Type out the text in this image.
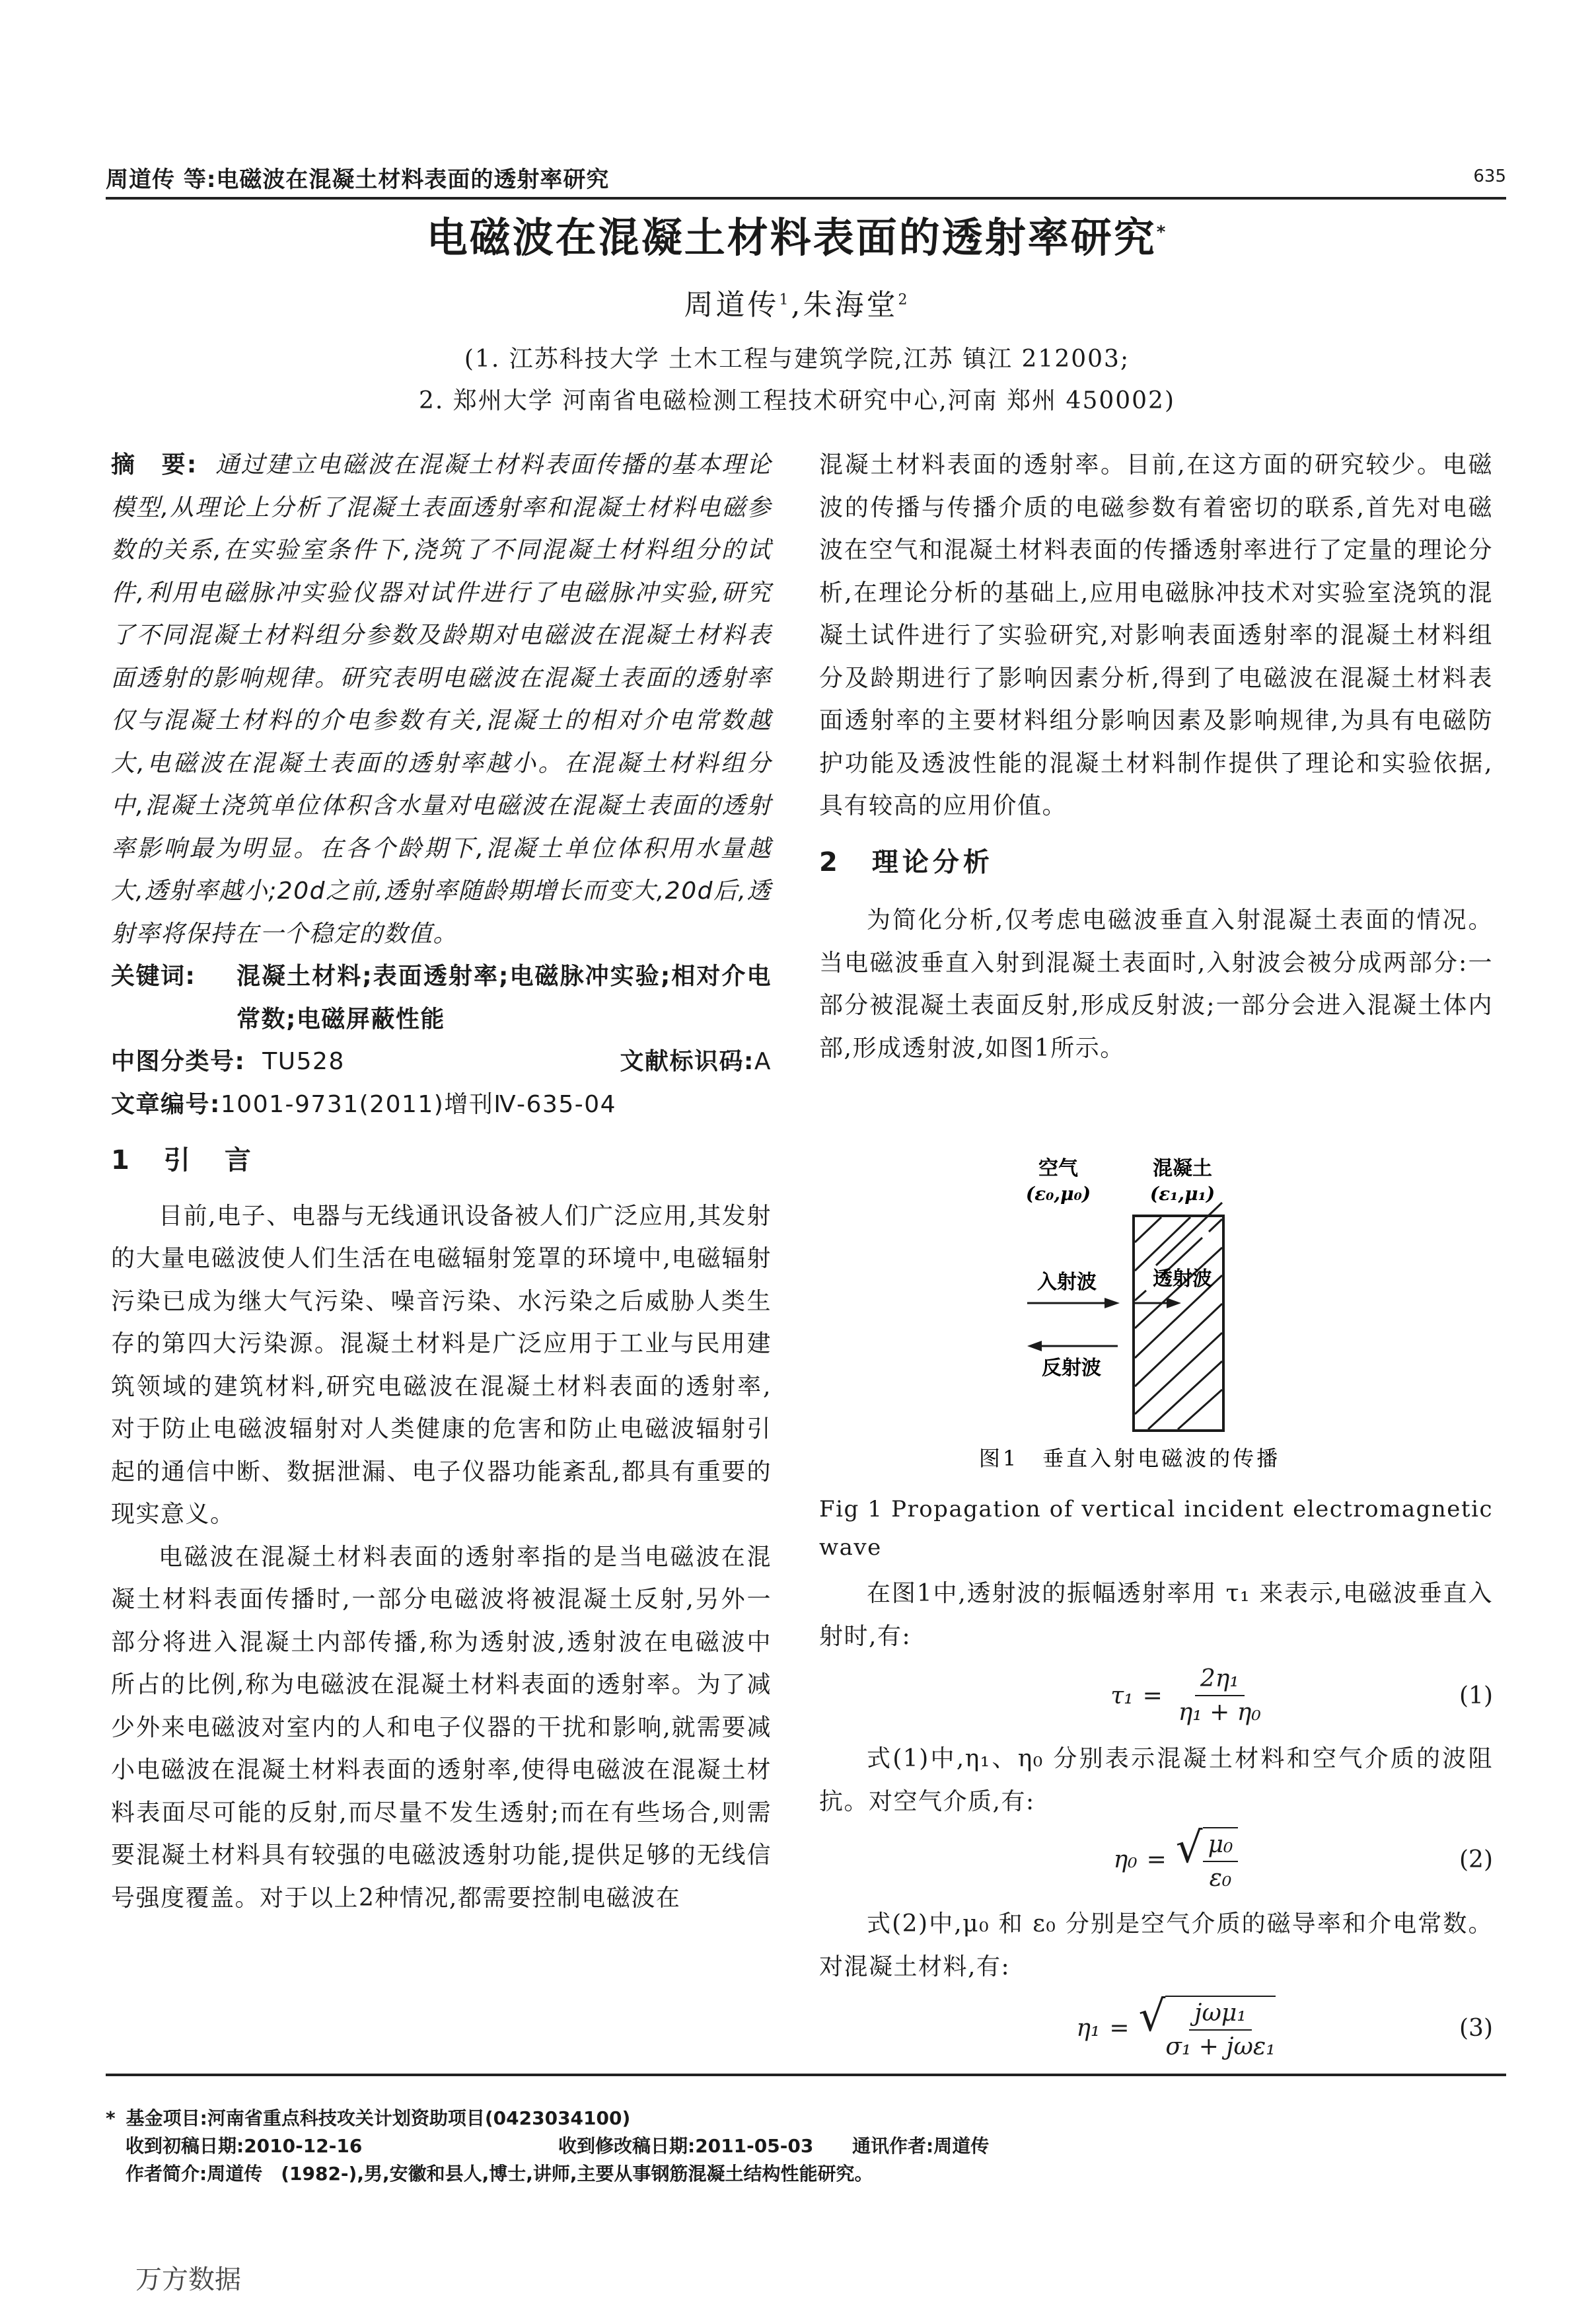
周道传 等:电磁波在混凝土材料表面的透射率研究	635
电磁波在混凝土材料表面的透射率研究*
周道传$^1$,朱海堂$^2$
(1. 江苏科技大学 土木工程与建筑学院,江苏 镇江 212003;
2. 郑州大学 河南省电磁检测工程技术研究中心,河南 郑州 450002)
摘　要: 通过建立电磁波在混凝土材料表面传播的基本理论模型,从理论上分析了混凝土表面透射率和混凝土材料电磁参数的关系,在实验室条件下,浇筑了不同混凝土材料组分的试件,利用电磁脉冲实验仪器对试件进行了电磁脉冲实验,研究了不同混凝土材料组分参数及龄期对电磁波在混凝土材料表面透射的影响规律。研究表明电磁波在混凝土表面的透射率仅与混凝土材料的介电参数有关,混凝土的相对介电常数越大,电磁波在混凝土表面的透射率越小。在混凝土材料组分中,混凝土浇筑单位体积含水量对电磁波在混凝土表面的透射率影响最为明显。在各个龄期下,混凝土单位体积用水量越大,透射率越小;20d之前,透射率随龄期增长而变大,20d后,透射率将保持在一个稳定的数值。
关键词:	混凝土材料;表面透射率;电磁脉冲实验;相对介电常数;电磁屏蔽性能
中图分类号: TU528	文献标识码:A
文章编号:1001-9731(2011)增刊Ⅳ-635-04
1　引　言

目前,电子、电器与无线通讯设备被人们广泛应用,其发射的大量电磁波使人们生活在电磁辐射笼罩的环境中,电磁辐射污染已成为继大气污染、噪音污染、水污染之后威胁人类生存的第四大污染源。混凝土材料是广泛应用于工业与民用建筑领域的建筑材料,研究电磁波在混凝土材料表面的透射率,对于防止电磁波辐射对人类健康的危害和防止电磁波辐射引起的通信中断、数据泄漏、电子仪器功能紊乱,都具有重要的现实意义。

电磁波在混凝土材料表面的透射率指的是当电磁波在混凝土材料表面传播时,一部分电磁波将被混凝土反射,另外一部分将进入混凝土内部传播,称为透射波,透射波在电磁波中所占的比例,称为电磁波在混凝土材料表面的透射率。为了减少外来电磁波对室内的人和电子仪器的干扰和影响,就需要减小电磁波在混凝土材料表面的透射率,使得电磁波在混凝土材料表面尽可能的反射,而尽量不发生透射;而在有些场合,则需要混凝土材料具有较强的电磁波透射功能,提供足够的无线信号强度覆盖。对于以上2种情况,都需要控制电磁波在

混凝土材料表面的透射率。目前,在这方面的研究较少。电磁波的传播与传播介质的电磁参数有着密切的联系,首先对电磁波在空气和混凝土材料表面的传播透射率进行了定量的理论分析,在理论分析的基础上,应用电磁脉冲技术对实验室浇筑的混凝土试件进行了实验研究,对影响表面透射率的混凝土材料组分及龄期进行了影响因素分析,得到了电磁波在混凝土材料表面透射率的主要材料组分影响因素及影响规律,为具有电磁防护功能及透波性能的混凝土材料制作提供了理论和实验依据,具有较高的应用价值。

2　理论分析

为简化分析,仅考虑电磁波垂直入射混凝土表面的情况。当电磁波垂直入射到混凝土表面时,入射波会被分成两部分:一部分被混凝土表面反射,形成反射波;一部分会进入混凝土体内部,形成透射波,如图1所示。

空气
(ε₀,μ₀)
混凝土
(ε₁,μ₁)
入射波	透射波
反射波
图1　垂直入射电磁波的传播
Fig 1 Propagation of vertical incident electromagnetic wave

在图1中,透射波的振幅透射率用 τ₁ 来表示,电磁波垂直入射时,有:

$\tau_1 = \frac{\text{2η₁}}{\text{η₁ + η₀}}$	(1)

式(1)中,η₁、η₀ 分别表示混凝土材料和空气介质的波阻抗。对空气介质,有:

η₀ = √ $\frac{\text{μ₀}}{\text{ε₀}}$	(2)

式(2)中,μ₀ 和 ε₀ 分别是空气介质的磁导率和介电常数。对混凝土材料,有:

η₁ = √ $\frac{\text{jωμ₁}}{\text{σ₁ + jωε₁}}$	(3)
* 基金项目:河南省重点科技攻关计划资助项目(0423034100)
收到初稿日期:2010-12-16	收到修改稿日期:2011-05-03	通讯作者:周道传
作者简介:周道传　(1982-),男,安徽和县人,博士,讲师,主要从事钢筋混凝土结构性能研究。
万方数据
